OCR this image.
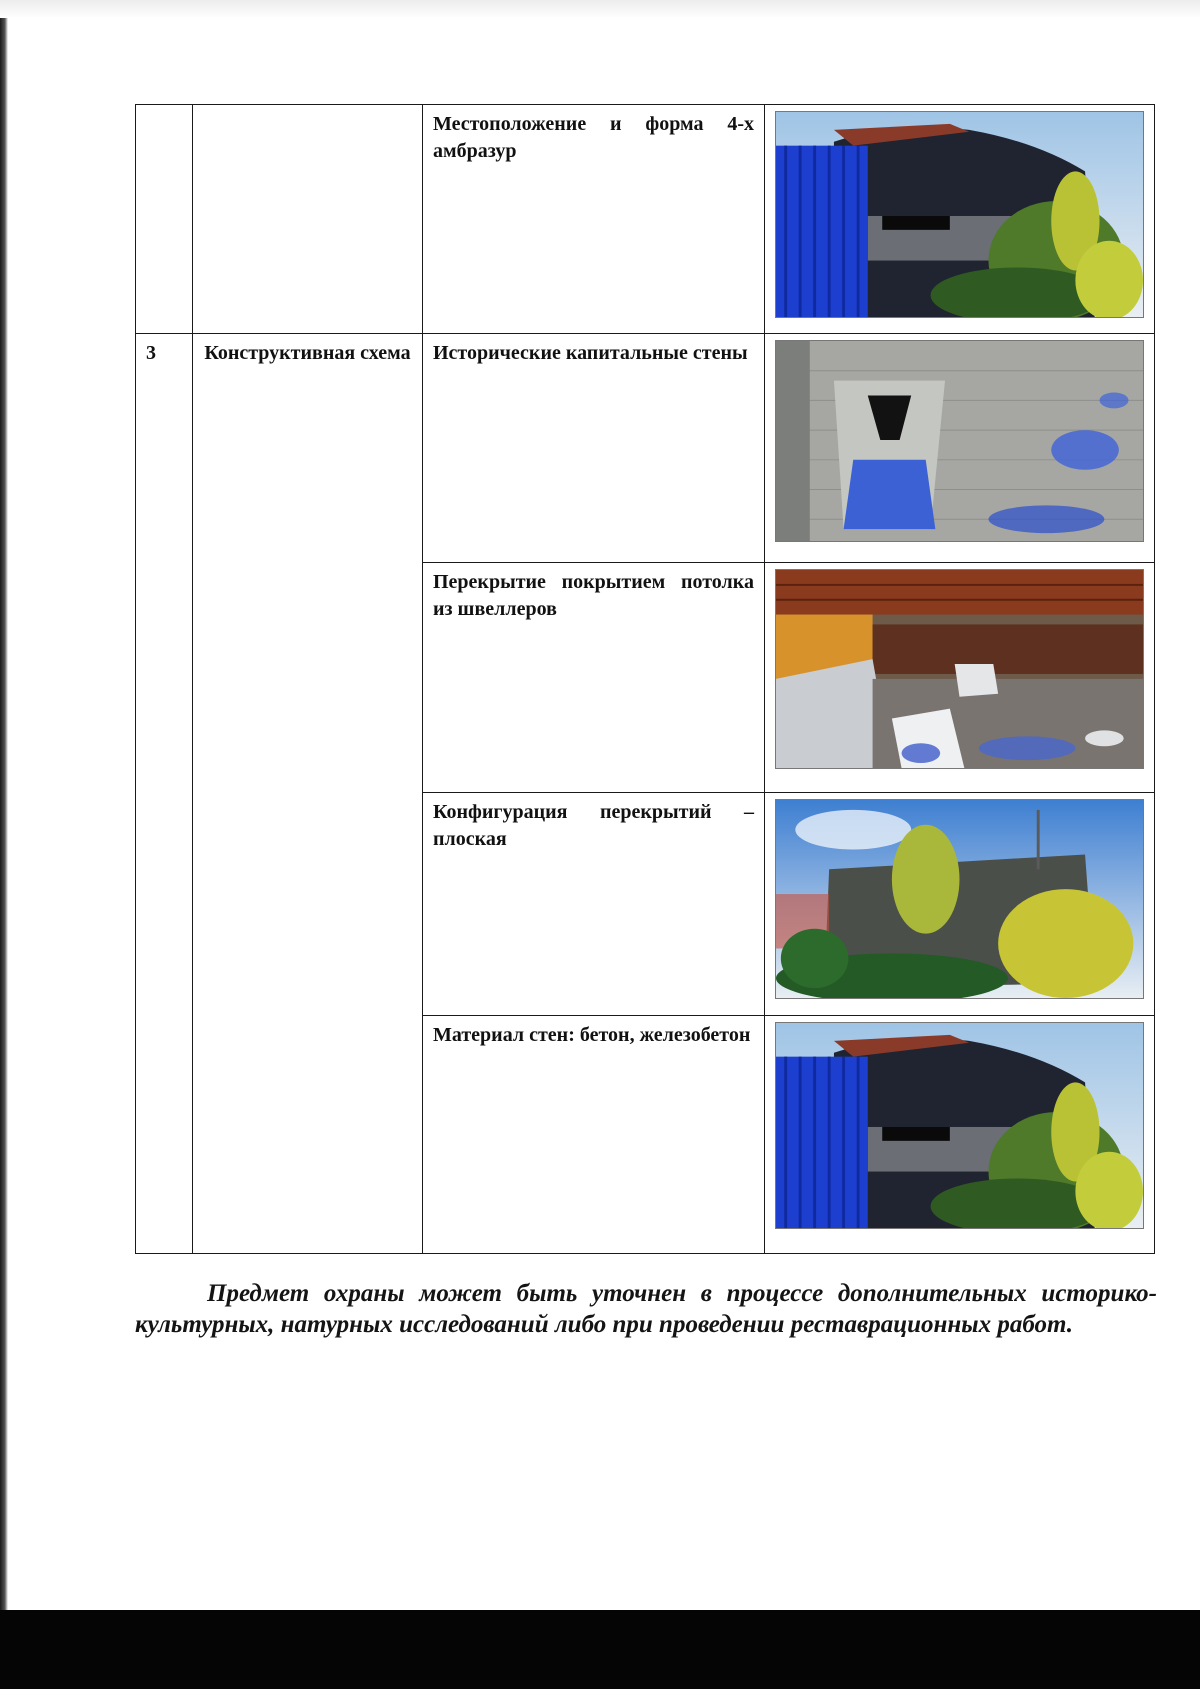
		Местоположение и форма 4-х амбразур	

3	Конструктивная схема	Исторические капитальные стены	

		Перекрытие покрытием потолка из швеллеров	

		Конфигурация перекрытий – плоская	

		Материал стен: бетон, железобетон	

Предмет охраны может быть уточнен в процессе дополнительных историко-культурных, натурных исследований либо при проведении реставрационных работ.
